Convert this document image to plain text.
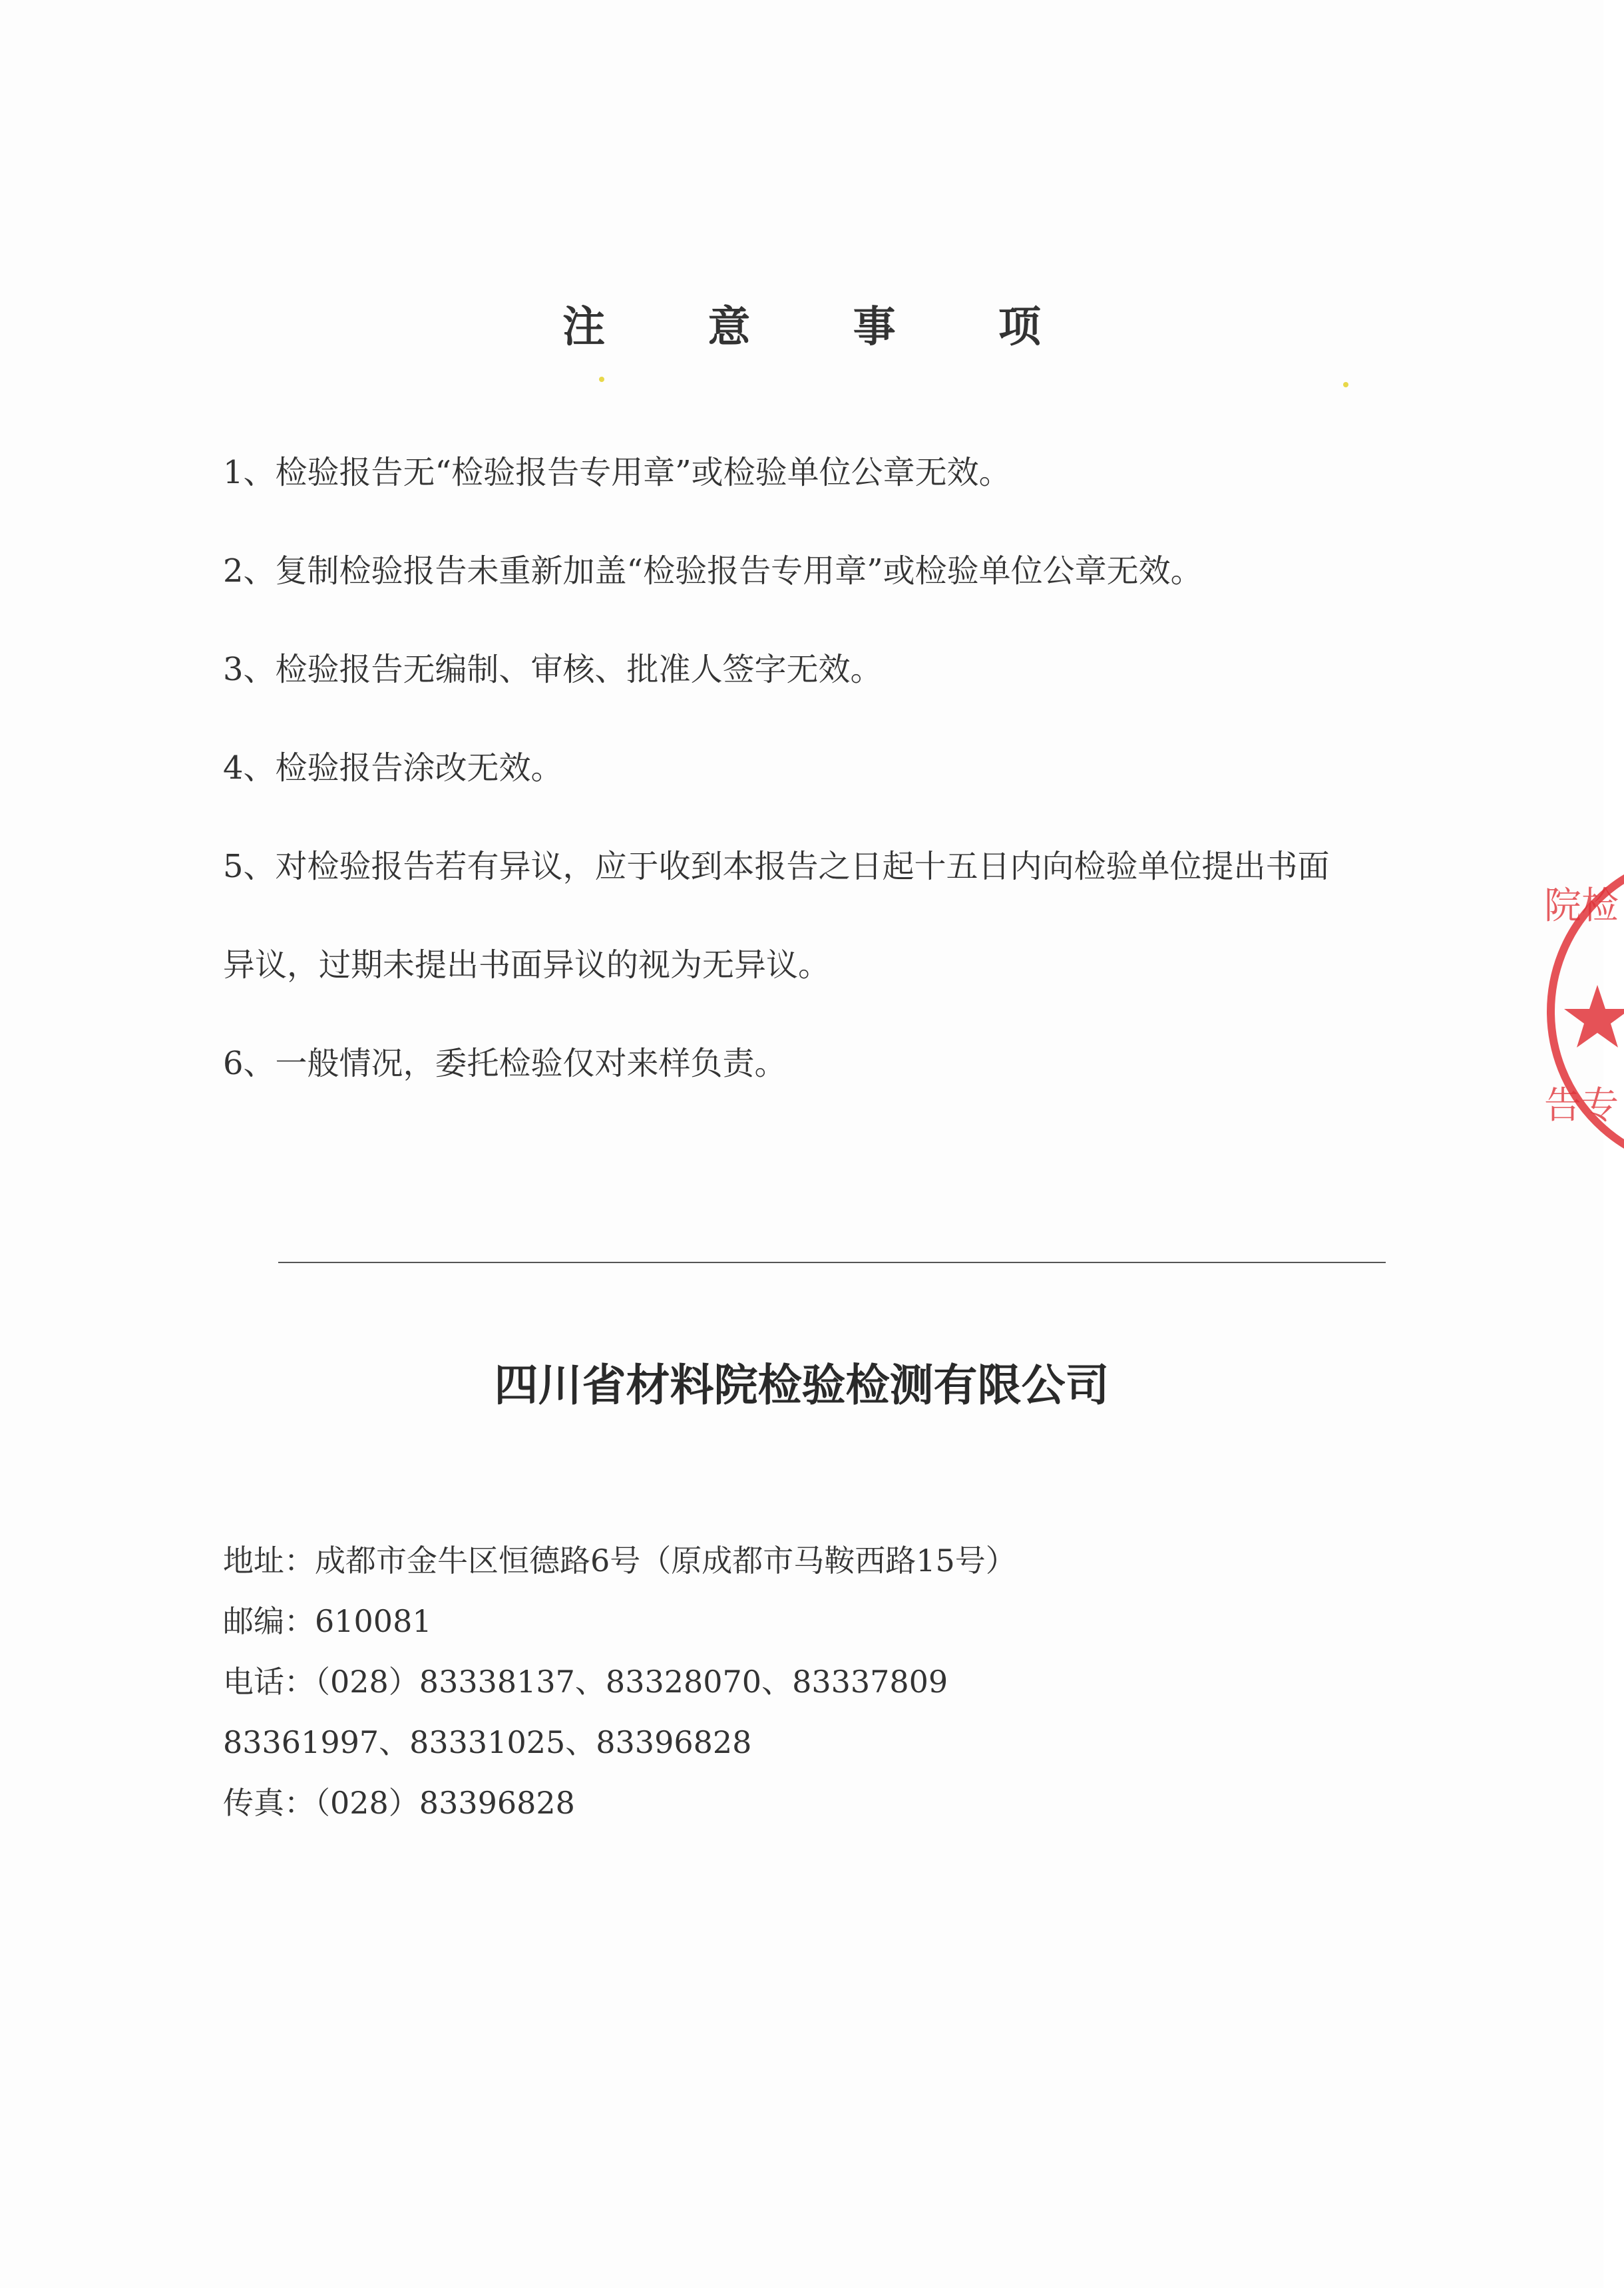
注 意 事 项
1、检验报告无“检验报告专用章”或检验单位公章无效。
2、复制检验报告未重新加盖“检验报告专用章”或检验单位公章无效。
3、检验报告无编制、审核、批准人签字无效。
4、检验报告涂改无效。
5、对检验报告若有异议，应于收到本报告之日起十五日内向检验单位提出书面
异议，过期未提出书面异议的视为无异议。
6、一般情况，委托检验仅对来样负责。
四川省材料院检验检测有限公司
地址：成都市金牛区恒德路6号（原成都市马鞍西路15号）
邮编：610081
电话：（028）83338137、83328070、83337809
83361997、83331025、83396828
传真：（028）83396828
院检
告专
